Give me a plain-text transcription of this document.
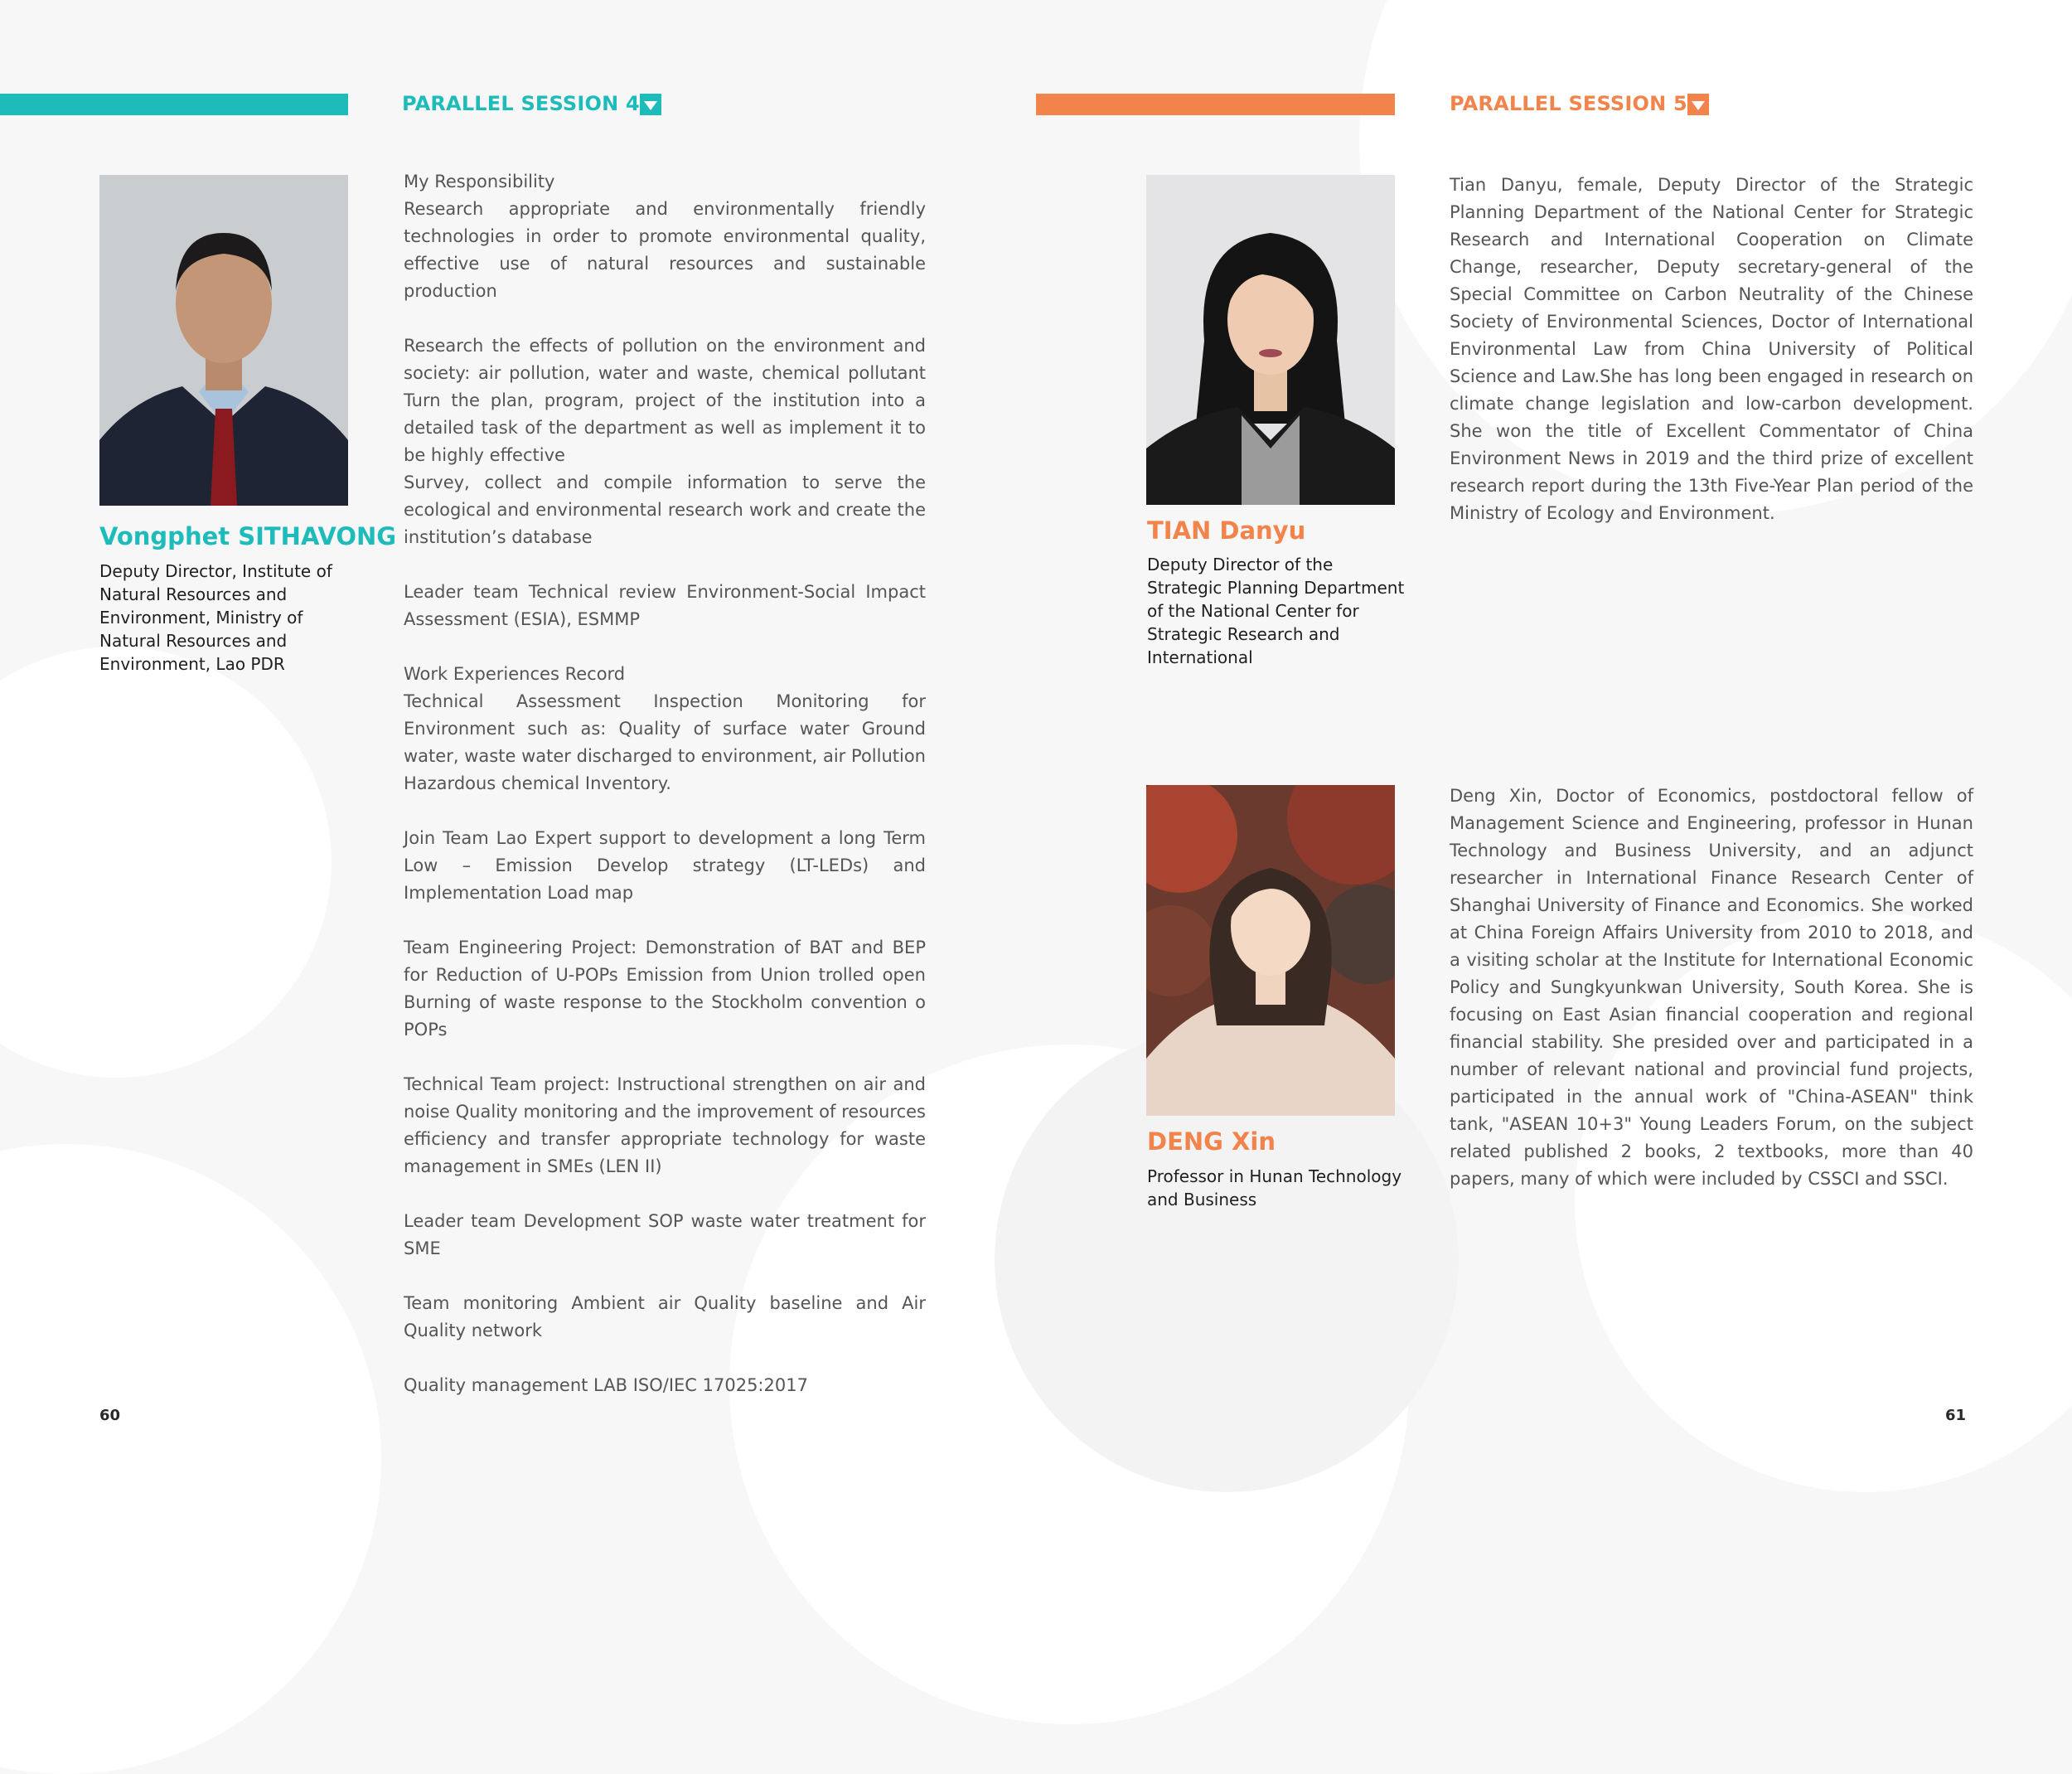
PARALLEL SESSION 4
Vongphet SITHAVONG
Deputy Director, Institute of Natural Resources and Environment, Ministry of Natural Resources and Environment, Lao PDR

My Responsibility

Research appropriate and environmentally friendly technologies in order to promote environmental quality, effective use of natural resources and sustainable production

Research the effects of pollution on the environment and society: air pollution, water and waste, chemical pollutant Turn the plan, program, project of the institution into a detailed task of the department as well as implement it to be highly effective

Survey, collect and compile information to serve the ecological and environmental research work and create the institution’s database

Leader team Technical review Environment-Social Impact Assessment (ESIA), ESMMP

Work Experiences Record

Technical Assessment Inspection Monitoring for Environment such as: Quality of surface water Ground water, waste water discharged to environment, air Pollution Hazardous chemical Inventory.

Join Team Lao Expert support to development a long Term Low – Emission Develop strategy (LT-LEDs) and Implementation Load map

Team Engineering Project: Demonstration of BAT and BEP for Reduction of U-POPs Emission from Union trolled open Burning of waste response to the Stockholm convention o POPs

Technical Team project: Instructional strengthen on air and noise Quality monitoring and the improvement of resources efficiency and transfer appropriate technology for waste management in SMEs (LEN II)

Leader team Development SOP waste water treatment for SME

Team monitoring Ambient air Quality baseline and Air Quality network

Quality management LAB ISO/IEC 17025:2017

60
PARALLEL SESSION 5
TIAN Danyu
Deputy Director of the Strategic Planning Department of the National Center for Strategic Research and International
Tian Danyu, female, Deputy Director of the Strategic Planning Department of the National Center for Strategic Research and International Cooperation on Climate Change, researcher, Deputy secretary-general of the Special Committee on Carbon Neutrality of the Chinese Society of Environmental Sciences, Doctor of International Environmental Law from China University of Political Science and Law.She has long been engaged in research on climate change legislation and low-carbon development. She won the title of Excellent Commentator of China Environment News in 2019 and the third prize of excellent research report during the 13th Five-Year Plan period of the Ministry of Ecology and Environment.
DENG Xin
Professor in Hunan Technology and Business
Deng Xin, Doctor of Economics, postdoctoral fellow of Management Science and Engineering, professor in Hunan Technology and Business University, and an adjunct researcher in International Finance Research Center of Shanghai University of Finance and Economics. She worked at China Foreign Affairs University from 2010 to 2018, and a visiting scholar at the Institute for International Economic Policy and Sungkyunkwan University, South Korea. She is focusing on East Asian financial cooperation and regional financial stability. She presided over and participated in a number of relevant national and provincial fund projects, participated in the annual work of "China-ASEAN" think tank, "ASEAN 10+3" Young Leaders Forum, on the subject related published 2 books, 2 textbooks, more than 40 papers, many of which were included by CSSCI and SSCI.
61
